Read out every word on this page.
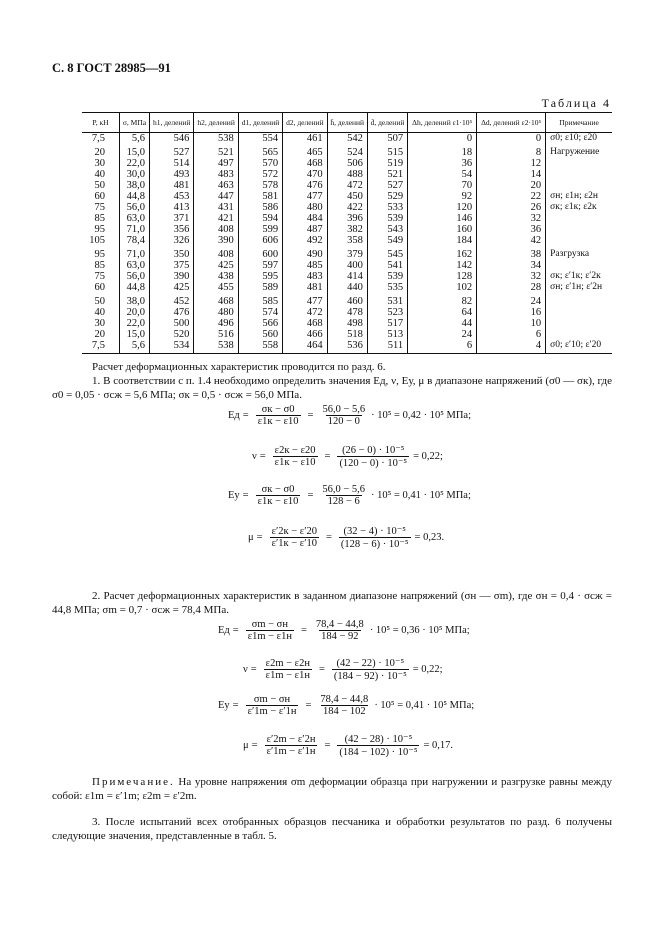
С. 8 ГОСТ 28985—91
Таблица 4
P, кН	σ, МПа	h1, делений	h2, делений	d1, делений	d2, делений	h̄, делений	d̄, делений	Δh, делений ε1·10⁵	Δd, делений ε2·10⁵	Примечание
7,5	5,6	546	538	554	461	542	507	0	0	σ0; ε10; ε20
20	15,0	527	521	565	465	524	515	18	8	Нагружение
30	22,0	514	497	570	468	506	519	36	12	
40	30,0	493	483	572	470	488	521	54	14	
50	38,0	481	463	578	476	472	527	70	20	
60	44,8	453	447	581	477	450	529	92	22	σн; ε1н; ε2н
75	56,0	413	431	586	480	422	533	120	26	σк; ε1к; ε2к
85	63,0	371	421	594	484	396	539	146	32	
95	71,0	356	408	599	487	382	543	160	36	
105	78,4	326	390	606	492	358	549	184	42	
95	71,0	350	408	600	490	379	545	162	38	Разгрузка
85	63,0	375	425	597	485	400	541	142	34	
75	56,0	390	438	595	483	414	539	128	32	σк; ε′1к; ε′2к
60	44,8	425	455	589	481	440	535	102	28	σн; ε′1н; ε′2н
50	38,0	452	468	585	477	460	531	82	24	
40	20,0	476	480	574	472	478	523	64	16	
30	22,0	500	496	566	468	498	517	44	10	
20	15,0	520	516	560	466	518	513	24	6	
7,5	5,6	534	538	558	464	536	511	6	4	σ0; ε′10; ε′20
Расчет деформационных характеристик проводится по разд. 6.
1. В соответствии с п. 1.4 необходимо определить значения Eд, ν, Eу, μ в диапазоне напряжений (σ0 — σк), где σ0 = 0,05 · σсж = 5,6 МПа; σк = 0,5 · σсж = 56,0 МПа.
Eд =
σк − σ0
ε1к − ε10
= $\frac{56,0 - 5,6}{120 - 0} \cdot 10^5 = 0,42 \cdot 10^5$ МПа;
ν =
ε2к − ε20
ε1к − ε10
= $\frac{\text{(26 − 0) · 10⁻⁵}}{\text{(120 − 0) · 10⁻⁵}} = 0,22$;
Eу =
σк − σ0
ε1к − ε10
= $\frac{56,0 - 5,6}{128 - 6} \cdot 10^5 = 0,41 \cdot 10^5$ МПа;
μ =
ε′2к − ε′20
ε′1к − ε′10
= $\frac{\text{(32 − 4) · 10⁻⁵}}{\text{(128 − 6) · 10⁻⁵}} = 0,23$.
2. Расчет деформационных характеристик в заданном диапазоне напряжений (σн — σm), где σн = 0,4 · σсж = 44,8 МПа; σm = 0,7 · σсж = 78,4 МПа.
Eд =
σm − σн
ε1m − ε1н
= $\frac{78,4 - 44,8}{184 - 92} \cdot 10^5 = 0,36 \cdot 10^5$ МПа;
ν =
ε2m − ε2н
ε1m − ε1н
= $\frac{\text{(42 − 22) · 10⁻⁵}}{\text{(184 − 92) · 10⁻⁵}} = 0,22$;
Eу =
σm − σн
ε′1m − ε′1н
= $\frac{78,4 - 44,8}{184 - 102} \cdot 10^5 = 0,41 \cdot 10^5$ МПа;
μ =
ε′2m − ε′2н
ε′1m − ε′1н
= $\frac{\text{(42 − 28) · 10⁻⁵}}{\text{(184 − 102) · 10⁻⁵}} = 0,17$.
Примечание. На уровне напряжения σm деформации образца при нагружении и разгрузке равны между собой: ε1m = ε′1m; ε2m = ε′2m.
3. После испытаний всех отобранных образцов песчаника и обработки результатов по разд. 6 получены следующие значения, представленные в табл. 5.
